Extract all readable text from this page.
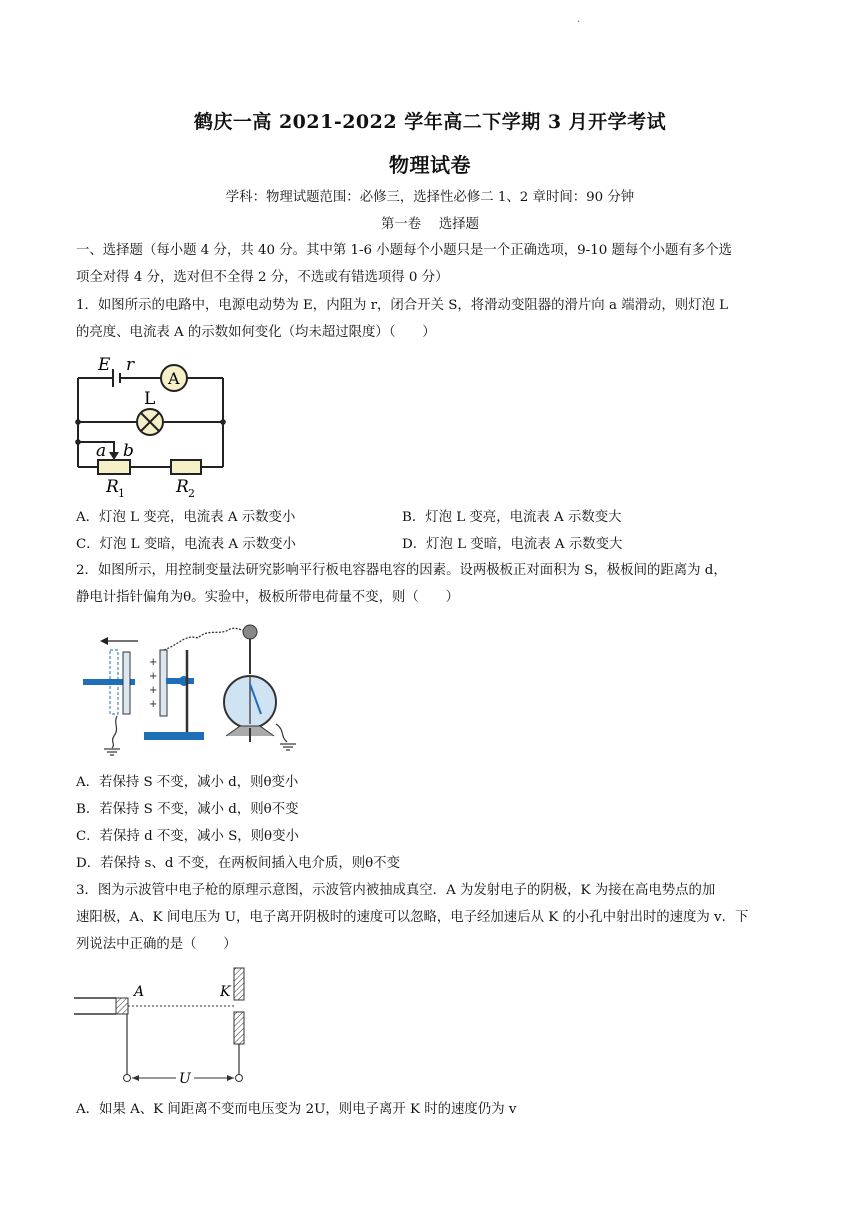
.
鹤庆一高 2021-2022 学年高二下学期 3 月开学考试
物理试卷
学科：物理试题范围：必修三，选择性必修二 1、2 章时间：90 分钟
第一卷　 选择题
一、选择题（每小题 4 分，共 40 分。其中第 1-6 小题每个小题只是一个正确选项，9-10 题每个小题有多个选
项全对得 4 分，选对但不全得 2 分，不选或有错选项得 0 分）
1．如图所示的电路中，电源电动势为 E，内阻为 r，闭合开关 S，将滑动变阻器的滑片向 a 端滑动，则灯泡 L
的亮度、电流表 A 的示数如何变化（均未超过限度）（　　）
E r
A
L
a b
R 1	R 2
A．灯泡 L 变亮，电流表 A 示数变小	B．灯泡 L 变亮，电流表 A 示数变大
C．灯泡 L 变暗，电流表 A 示数变小	D．灯泡 L 变暗，电流表 A 示数变大
2．如图所示，用控制变量法研究影响平行板电容器电容的因素。设两极板正对面积为 S，极板间的距离为 d，
静电计指针偏角为θ。实验中，极板所带电荷量不变，则（　　）
+
+
+
+
A．若保持 S 不变，减小 d，则θ变小
B．若保持 S 不变，减小 d，则θ不变
C．若保持 d 不变，减小 S，则θ变小
D．若保持 s、d 不变，在两板间插入电介质，则θ不变
3．图为示波管中电子枪的原理示意图，示波管内被抽成真空．A 为发射电子的阴极，K 为接在高电势点的加
速阳极，A、K 间电压为 U，电子离开阴极时的速度可以忽略，电子经加速后从 K 的小孔中射出时的速度为 v．下
列说法中正确的是（　　）
A	K
U
A．如果 A、K 间距离不变而电压变为 2U，则电子离开 K 时的速度仍为 v
